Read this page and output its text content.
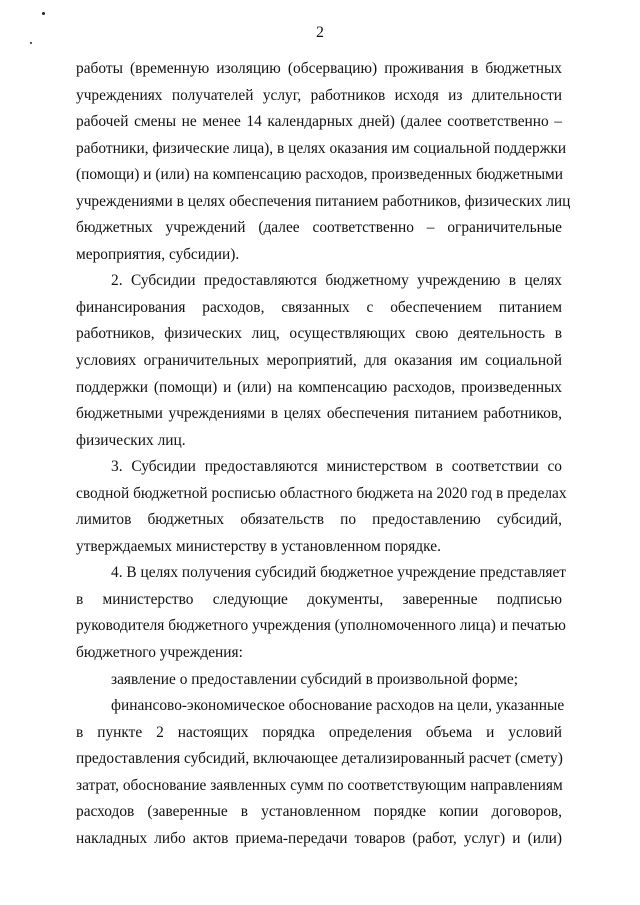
2

работы (временную изоляцию (обсервацию) проживания в бюджетных
учреждениях получателей услуг, работников исходя из длительности
рабочей смены не менее 14 календарных дней) (далее соответственно –
работники, физические лица), в целях оказания им социальной поддержки
(помощи) и (или) на компенсацию расходов, произведенных бюджетными
учреждениями в целях обеспечения питанием работников, физических лиц
бюджетных учреждений (далее соответственно – ограничительные
мероприятия, субсидии).

2. Субсидии предоставляются бюджетному учреждению в целях
финансирования расходов, связанных с обеспечением питанием
работников, физических лиц, осуществляющих свою деятельность в
условиях ограничительных мероприятий, для оказания им социальной
поддержки (помощи) и (или) на компенсацию расходов, произведенных
бюджетными учреждениями в целях обеспечения питанием работников,
физических лиц.

3. Субсидии предоставляются министерством в соответствии со
сводной бюджетной росписью областного бюджета на 2020 год в пределах
лимитов бюджетных обязательств по предоставлению субсидий,
утверждаемых министерству в установленном порядке.

4. В целях получения субсидий бюджетное учреждение представляет
в министерство следующие документы, заверенные подписью
руководителя бюджетного учреждения (уполномоченного лица) и печатью
бюджетного учреждения:

заявление о предоставлении субсидий в произвольной форме;

финансово-экономическое обоснование расходов на цели, указанные
в пункте 2 настоящих порядка определения объема и условий
предоставления субсидий, включающее детализированный расчет (смету)
затрат, обоснование заявленных сумм по соответствующим направлениям
расходов (заверенные в установленном порядке копии договоров,
накладных либо актов приема-передачи товаров (работ, услуг) и (или)
